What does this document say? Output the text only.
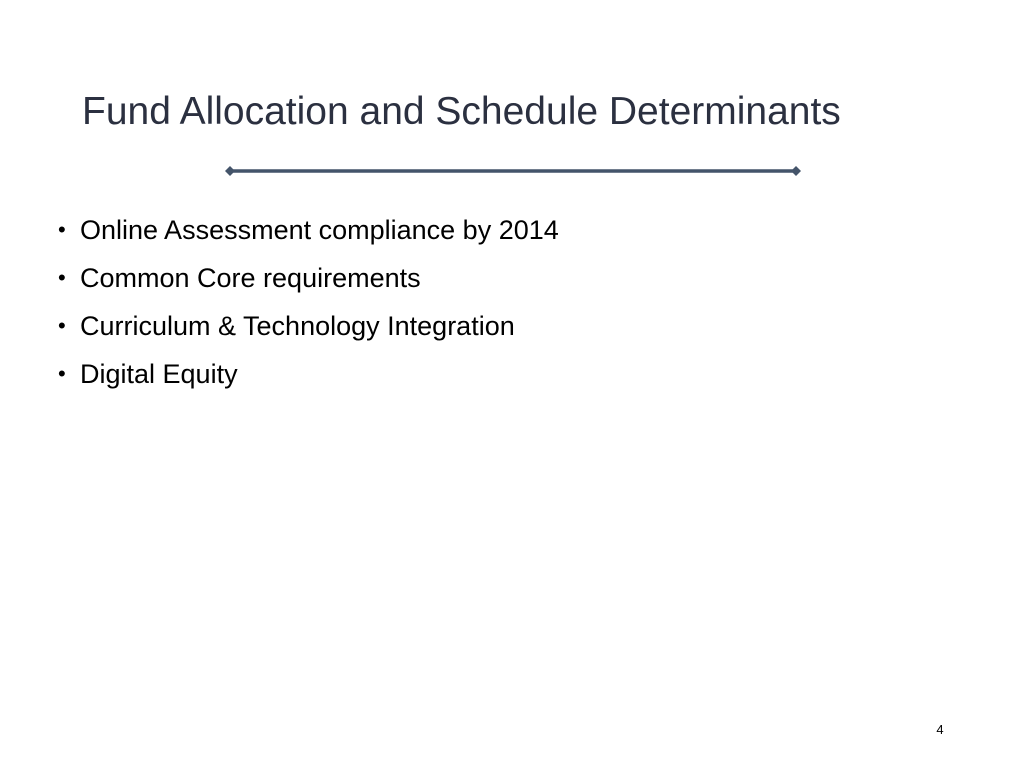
Fund Allocation and Schedule Determinants
• Online Assessment compliance by 2014
• Common Core requirements
• Curriculum & Technology Integration
• Digital Equity
4
